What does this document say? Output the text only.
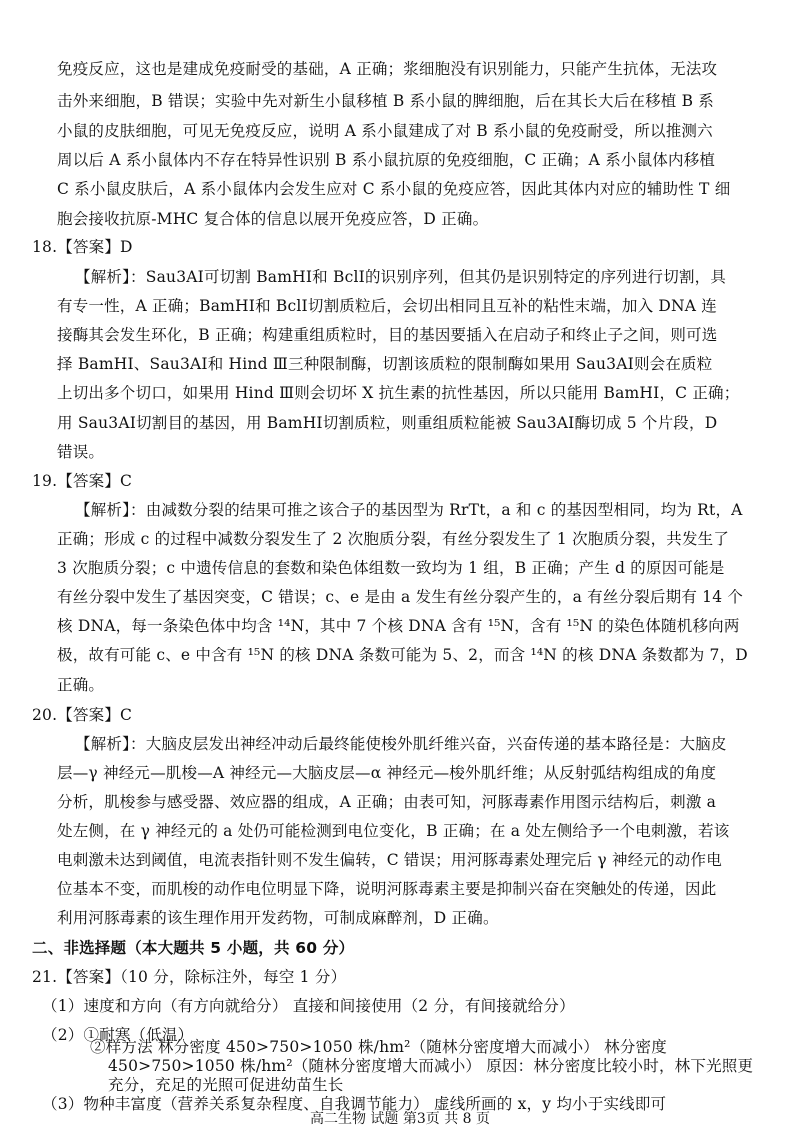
免疫反应，这也是建成免疫耐受的基础，A 正确；浆细胞没有识别能力，只能产生抗体，无法攻
击外来细胞，B 错误；实验中先对新生小鼠移植 B 系小鼠的脾细胞，后在其长大后在移植 B 系
小鼠的皮肤细胞，可见无免疫反应，说明 A 系小鼠建成了对 B 系小鼠的免疫耐受，所以推测六
周以后 A 系小鼠体内不存在特异性识别 B 系小鼠抗原的免疫细胞，C 正确；A 系小鼠体内移植
C 系小鼠皮肤后，A 系小鼠体内会发生应对 C 系小鼠的免疫应答，因此其体内对应的辅助性 T 细
胞会接收抗原-MHC 复合体的信息以展开免疫应答，D 正确。
18.【答案】D
【解析】：Sau3AⅠ可切割 BamHⅠ和 BclⅠ的识别序列，但其仍是识别特定的序列进行切割，具
有专一性，A 正确；BamHⅠ和 BclⅠ切割质粒后，会切出相同且互补的粘性末端，加入 DNA 连
接酶其会发生环化，B 正确；构建重组质粒时，目的基因要插入在启动子和终止子之间，则可选
择 BamHⅠ、Sau3AⅠ和 Hind Ⅲ三种限制酶，切割该质粒的限制酶如果用 Sau3AⅠ则会在质粒
上切出多个切口，如果用 Hind Ⅲ则会切坏 X 抗生素的抗性基因，所以只能用 BamHⅠ，C 正确；
用 Sau3AⅠ切割目的基因，用 BamHⅠ切割质粒，则重组质粒能被 Sau3AⅠ酶切成 5 个片段，D
错误。
19.【答案】C
【解析】：由减数分裂的结果可推之该合子的基因型为 RrTt，a 和 c 的基因型相同，均为 Rt，A
正确；形成 c 的过程中减数分裂发生了 2 次胞质分裂，有丝分裂发生了 1 次胞质分裂，共发生了
3 次胞质分裂；c 中遗传信息的套数和染色体组数一致均为 1 组，B 正确；产生 d 的原因可能是
有丝分裂中发生了基因突变，C 错误；c、e 是由 a 发生有丝分裂产生的，a 有丝分裂后期有 14 个
核 DNA，每一条染色体中均含 ¹⁴N，其中 7 个核 DNA 含有 ¹⁵N，含有 ¹⁵N 的染色体随机移向两
极，故有可能 c、e 中含有 ¹⁵N 的核 DNA 条数可能为 5、2，而含 ¹⁴N 的核 DNA 条数都为 7，D
正确。
20.【答案】C
【解析】：大脑皮层发出神经冲动后最终能使梭外肌纤维兴奋，兴奋传递的基本路径是：大脑皮
层—γ 神经元—肌梭—A 神经元—大脑皮层—α 神经元—梭外肌纤维；从反射弧结构组成的角度
分析，肌梭参与感受器、效应器的组成，A 正确；由表可知，河豚毒素作用图示结构后，刺激 a
处左侧，在 γ 神经元的 a 处仍可能检测到电位变化，B 正确；在 a 处左侧给予一个电刺激，若该
电刺激未达到阈值，电流表指针则不发生偏转，C 错误；用河豚毒素处理完后 γ 神经元的动作电
位基本不变，而肌梭的动作电位明显下降，说明河豚毒素主要是抑制兴奋在突触处的传递，因此
利用河豚毒素的该生理作用开发药物，可制成麻醉剂，D 正确。
二、非选择题（本大题共 5 小题，共 60 分）
21.【答案】（10 分，除标注外，每空 1 分）
（1）速度和方向（有方向就给分） 直接和间接使用（2 分，有间接就给分）
（2）①耐寒（低温）
②样方法 林分密度 450>750>1050 株/hm²（随林分密度增大而减小） 林分密度
450>750>1050 株/hm²（随林分密度增大而减小） 原因：林分密度比较小时，林下光照更
高二生物 试题 第3页 共 8 页
充分，充足的光照可促进幼苗生长
（3）物种丰富度（营养关系复杂程度、自我调节能力） 虚线所画的 x，y 均小于实线即可
